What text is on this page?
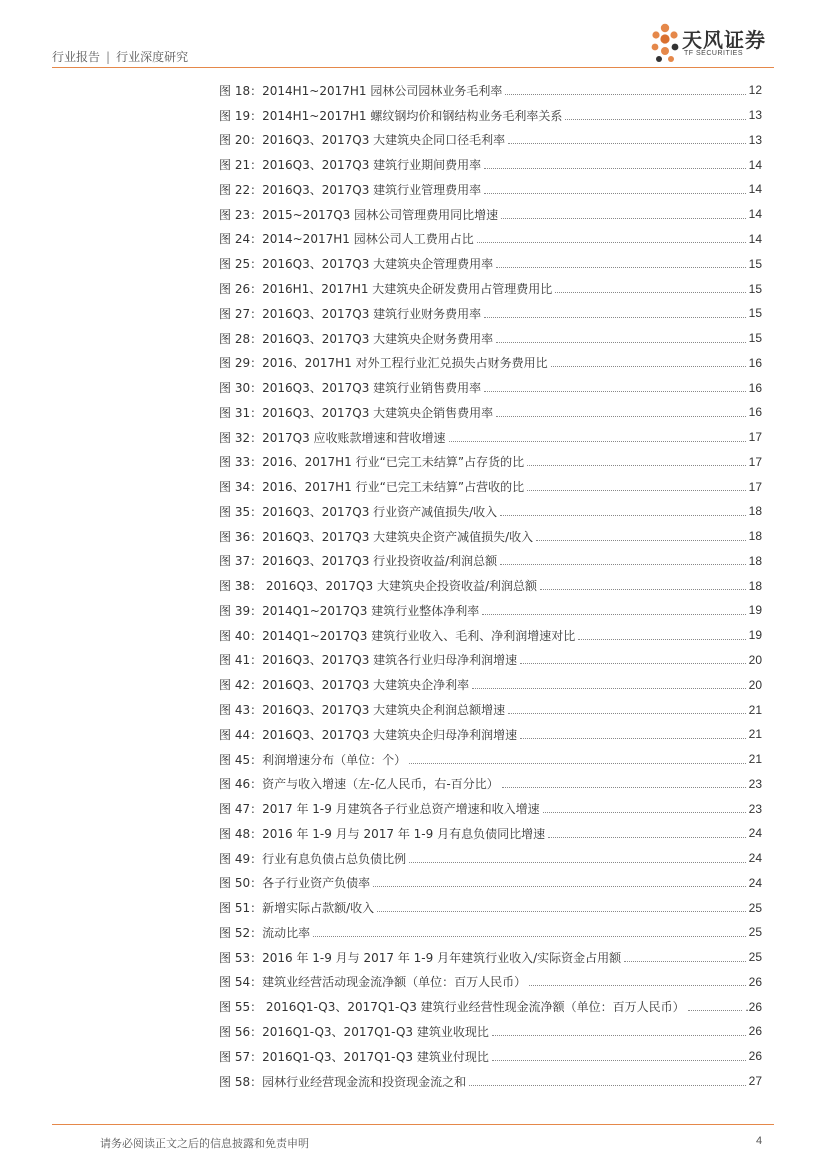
行业报告 | 行业深度研究
天风证券
TF SECURITIES
图 18：2014H1~2017H1 园林公司园林业务毛利率	12
图 19：2014H1~2017H1 螺纹钢均价和钢结构业务毛利率关系	13
图 20：2016Q3、2017Q3 大建筑央企同口径毛利率	13
图 21：2016Q3、2017Q3 建筑行业期间费用率	14
图 22：2016Q3、2017Q3 建筑行业管理费用率	14
图 23：2015~2017Q3 园林公司管理费用同比增速	14
图 24：2014~2017H1 园林公司人工费用占比	14
图 25：2016Q3、2017Q3 大建筑央企管理费用率	15
图 26：2016H1、2017H1 大建筑央企研发费用占管理费用比	15
图 27：2016Q3、2017Q3 建筑行业财务费用率	15
图 28：2016Q3、2017Q3 大建筑央企财务费用率	15
图 29：2016、2017H1 对外工程行业汇兑损失占财务费用比	16
图 30：2016Q3、2017Q3 建筑行业销售费用率	16
图 31：2016Q3、2017Q3 大建筑央企销售费用率	16
图 32：2017Q3 应收账款增速和营收增速	17
图 33：2016、2017H1 行业“已完工未结算”占存货的比	17
图 34：2016、2017H1 行业“已完工未结算”占营收的比	17
图 35：2016Q3、2017Q3 行业资产减值损失/收入	18
图 36：2016Q3、2017Q3 大建筑央企资产减值损失/收入	18
图 37：2016Q3、2017Q3 行业投资收益/利润总额	18
图 38： 2016Q3、2017Q3 大建筑央企投资收益/利润总额	18
图 39：2014Q1~2017Q3 建筑行业整体净利率	19
图 40：2014Q1~2017Q3 建筑行业收入、毛利、净利润增速对比	19
图 41：2016Q3、2017Q3 建筑各行业归母净利润增速	20
图 42：2016Q3、2017Q3 大建筑央企净利率	20
图 43：2016Q3、2017Q3 大建筑央企利润总额增速	21
图 44：2016Q3、2017Q3 大建筑央企归母净利润增速	21
图 45：利润增速分布（单位：个）	21
图 46：资产与收入增速（左-亿人民币，右-百分比）	23
图 47：2017 年 1-9 月建筑各子行业总资产增速和收入增速	23
图 48：2016 年 1-9 月与 2017 年 1-9 月有息负债同比增速	24
图 49：行业有息负债占总负债比例	24
图 50：各子行业资产负债率	24
图 51：新增实际占款额/收入	25
图 52：流动比率	25
图 53：2016 年 1-9 月与 2017 年 1-9 月年建筑行业收入/实际资金占用额	25
图 54：建筑业经营活动现金流净额（单位：百万人民币）	26
图 55： 2016Q1-Q3、2017Q1-Q3 建筑行业经营性现金流净额（单位：百万人民币）	.26
图 56：2016Q1-Q3、2017Q1-Q3 建筑业收现比	26
图 57：2016Q1-Q3、2017Q1-Q3 建筑业付现比	26
图 58：园林行业经营现金流和投资现金流之和	27
请务必阅读正文之后的信息披露和免责申明	4
